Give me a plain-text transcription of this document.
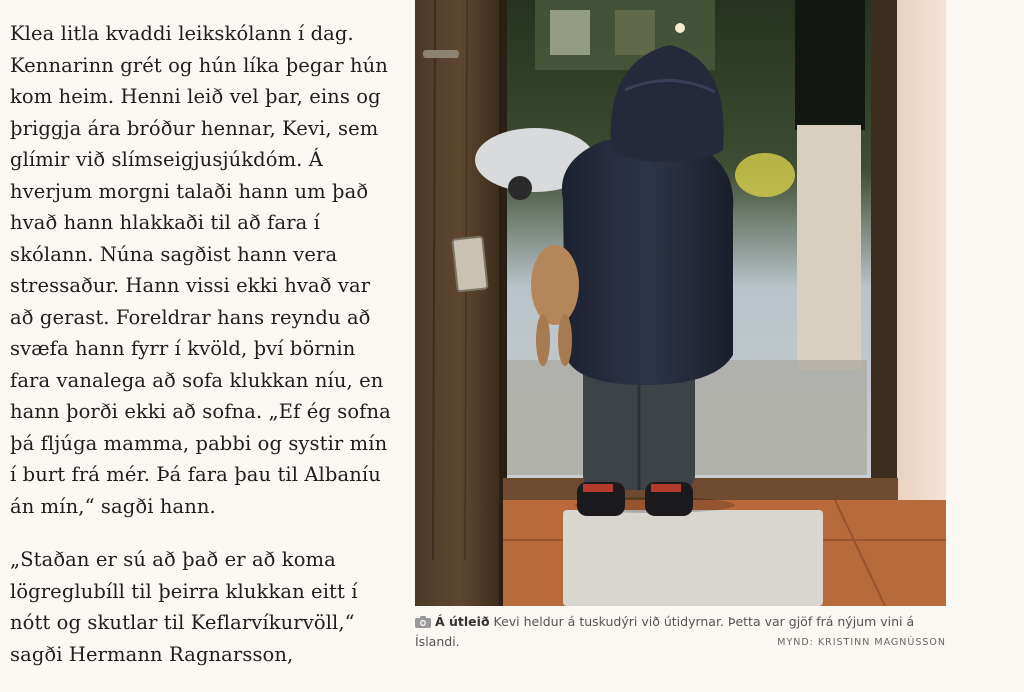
Klea litla kvaddi leikskólann í dag.
Kennarinn grét og hún líka þegar hún
kom heim. Henni leið vel þar, eins og
þriggja ára bróður hennar, Kevi, sem
glímir við slímseigjusjúkdóm. Á
hverjum morgni talaði hann um það
hvað hann hlakkaði til að fara í
skólann. Núna sagðist hann vera
stressaður. Hann vissi ekki hvað var
að gerast. Foreldrar hans reyndu að
svæfa hann fyrr í kvöld, því börnin
fara vanalega að sofa klukkan níu, en
hann þorði ekki að sofna. „Ef ég sofna
þá fljúga mamma, pabbi og systir mín
í burt frá mér. Þá fara þau til Albaníu
án mín,“ sagði hann.

„Staðan er sú að það er að koma
lögreglubíll til þeirra klukkan eitt í
nótt og skutlar til Keflarvíkurvöll,“
sagði Hermann Ragnarsson,

Á útleið Kevi heldur á tuskudýri við útidyrnar. Þetta var gjöf frá nýjum vini á Íslandi.	MYND: KRISTINN MAGNÚSSON
